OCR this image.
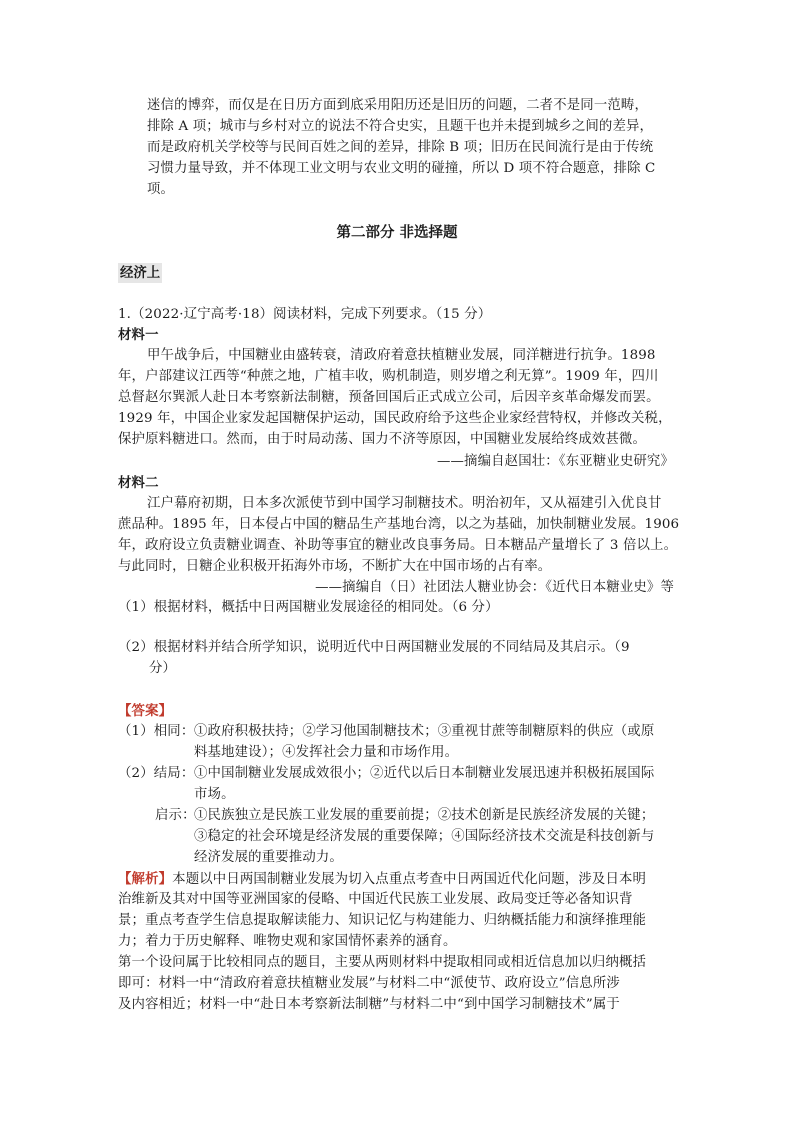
迷信的博弈，而仅是在日历方面到底采用阳历还是旧历的问题，二者不是同一范畴，
排除 A 项；城市与乡村对立的说法不符合史实，且题干也并未提到城乡之间的差异，
而是政府机关学校等与民间百姓之间的差异，排除 B 项；旧历在民间流行是由于传统
习惯力量导致，并不体现工业文明与农业文明的碰撞，所以 D 项不符合题意，排除 C
项。
第二部分 非选择题
经济上
1.（2022·辽宁高考·18）阅读材料，完成下列要求。（15 分）
材料一
甲午战争后，中国糖业由盛转衰，清政府着意扶植糖业发展，同洋糖进行抗争。1898
年，户部建议江西等“种蔗之地，广植丰收，购机制造，则岁增之利无算”。1909 年，四川
总督赵尔巽派人赴日本考察新法制糖，预备回国后正式成立公司，后因辛亥革命爆发而罢。
1929 年，中国企业家发起国糖保护运动，国民政府给予这些企业家经营特权，并修改关税，
保护原料糖进口。然而，由于时局动荡、国力不济等原因，中国糖业发展给终成效甚微。
——摘编自赵国壮：《东亚糖业史研究》
材料二
江户幕府初期，日本多次派使节到中国学习制糖技术。明治初年，又从福建引入优良甘
蔗品种。1895 年，日本侵占中国的糖品生产基地台湾，以之为基础，加快制糖业发展。1906
年，政府设立负责糖业调查、补助等事宜的糖业改良事务局。日本糖品产量增长了 3 倍以上。
与此同时，日糖企业积极开拓海外市场，不断扩大在中国市场的占有率。
——摘编自（日）社团法人糖业协会：《近代日本糖业史》等
（1）根据材料，概括中日两国糖业发展途径的相同处。（6 分）
（2）根据材料并结合所学知识，说明近代中日两国糖业发展的不同结局及其启示。（9
分）
【答案】
（1）相同： ①政府积极扶持；②学习他国制糖技术；③重视甘蔗等制糖原料的供应（或原
料基地建设）；④发挥社会力量和市场作用。
（2）结局： ①中国制糖业发展成效很小；②近代以后日本制糖业发展迅速并积极拓展国际
市场。
启示：
①民族独立是民族工业发展的重要前提；②技术创新是民族经济发展的关键；
③稳定的社会环境是经济发展的重要保障；④国际经济技术交流是科技创新与
经济发展的重要推动力。
【解析】本题以中日两国制糖业发展为切入点重点考查中日两国近代化问题，涉及日本明
治维新及其对中国等亚洲国家的侵略、中国近代民族工业发展、政局变迁等必备知识背
景；重点考查学生信息提取解读能力、知识记忆与构建能力、归纳概括能力和演绎推理能
力；着力于历史解释、唯物史观和家国情怀素养的涵育。
第一个设问属于比较相同点的题目，主要从两则材料中提取相同或相近信息加以归纳概括
即可：材料一中“清政府着意扶植糖业发展”与材料二中“派使节、政府设立”信息所涉
及内容相近；材料一中“赴日本考察新法制糖”与材料二中“到中国学习制糖技术”属于
